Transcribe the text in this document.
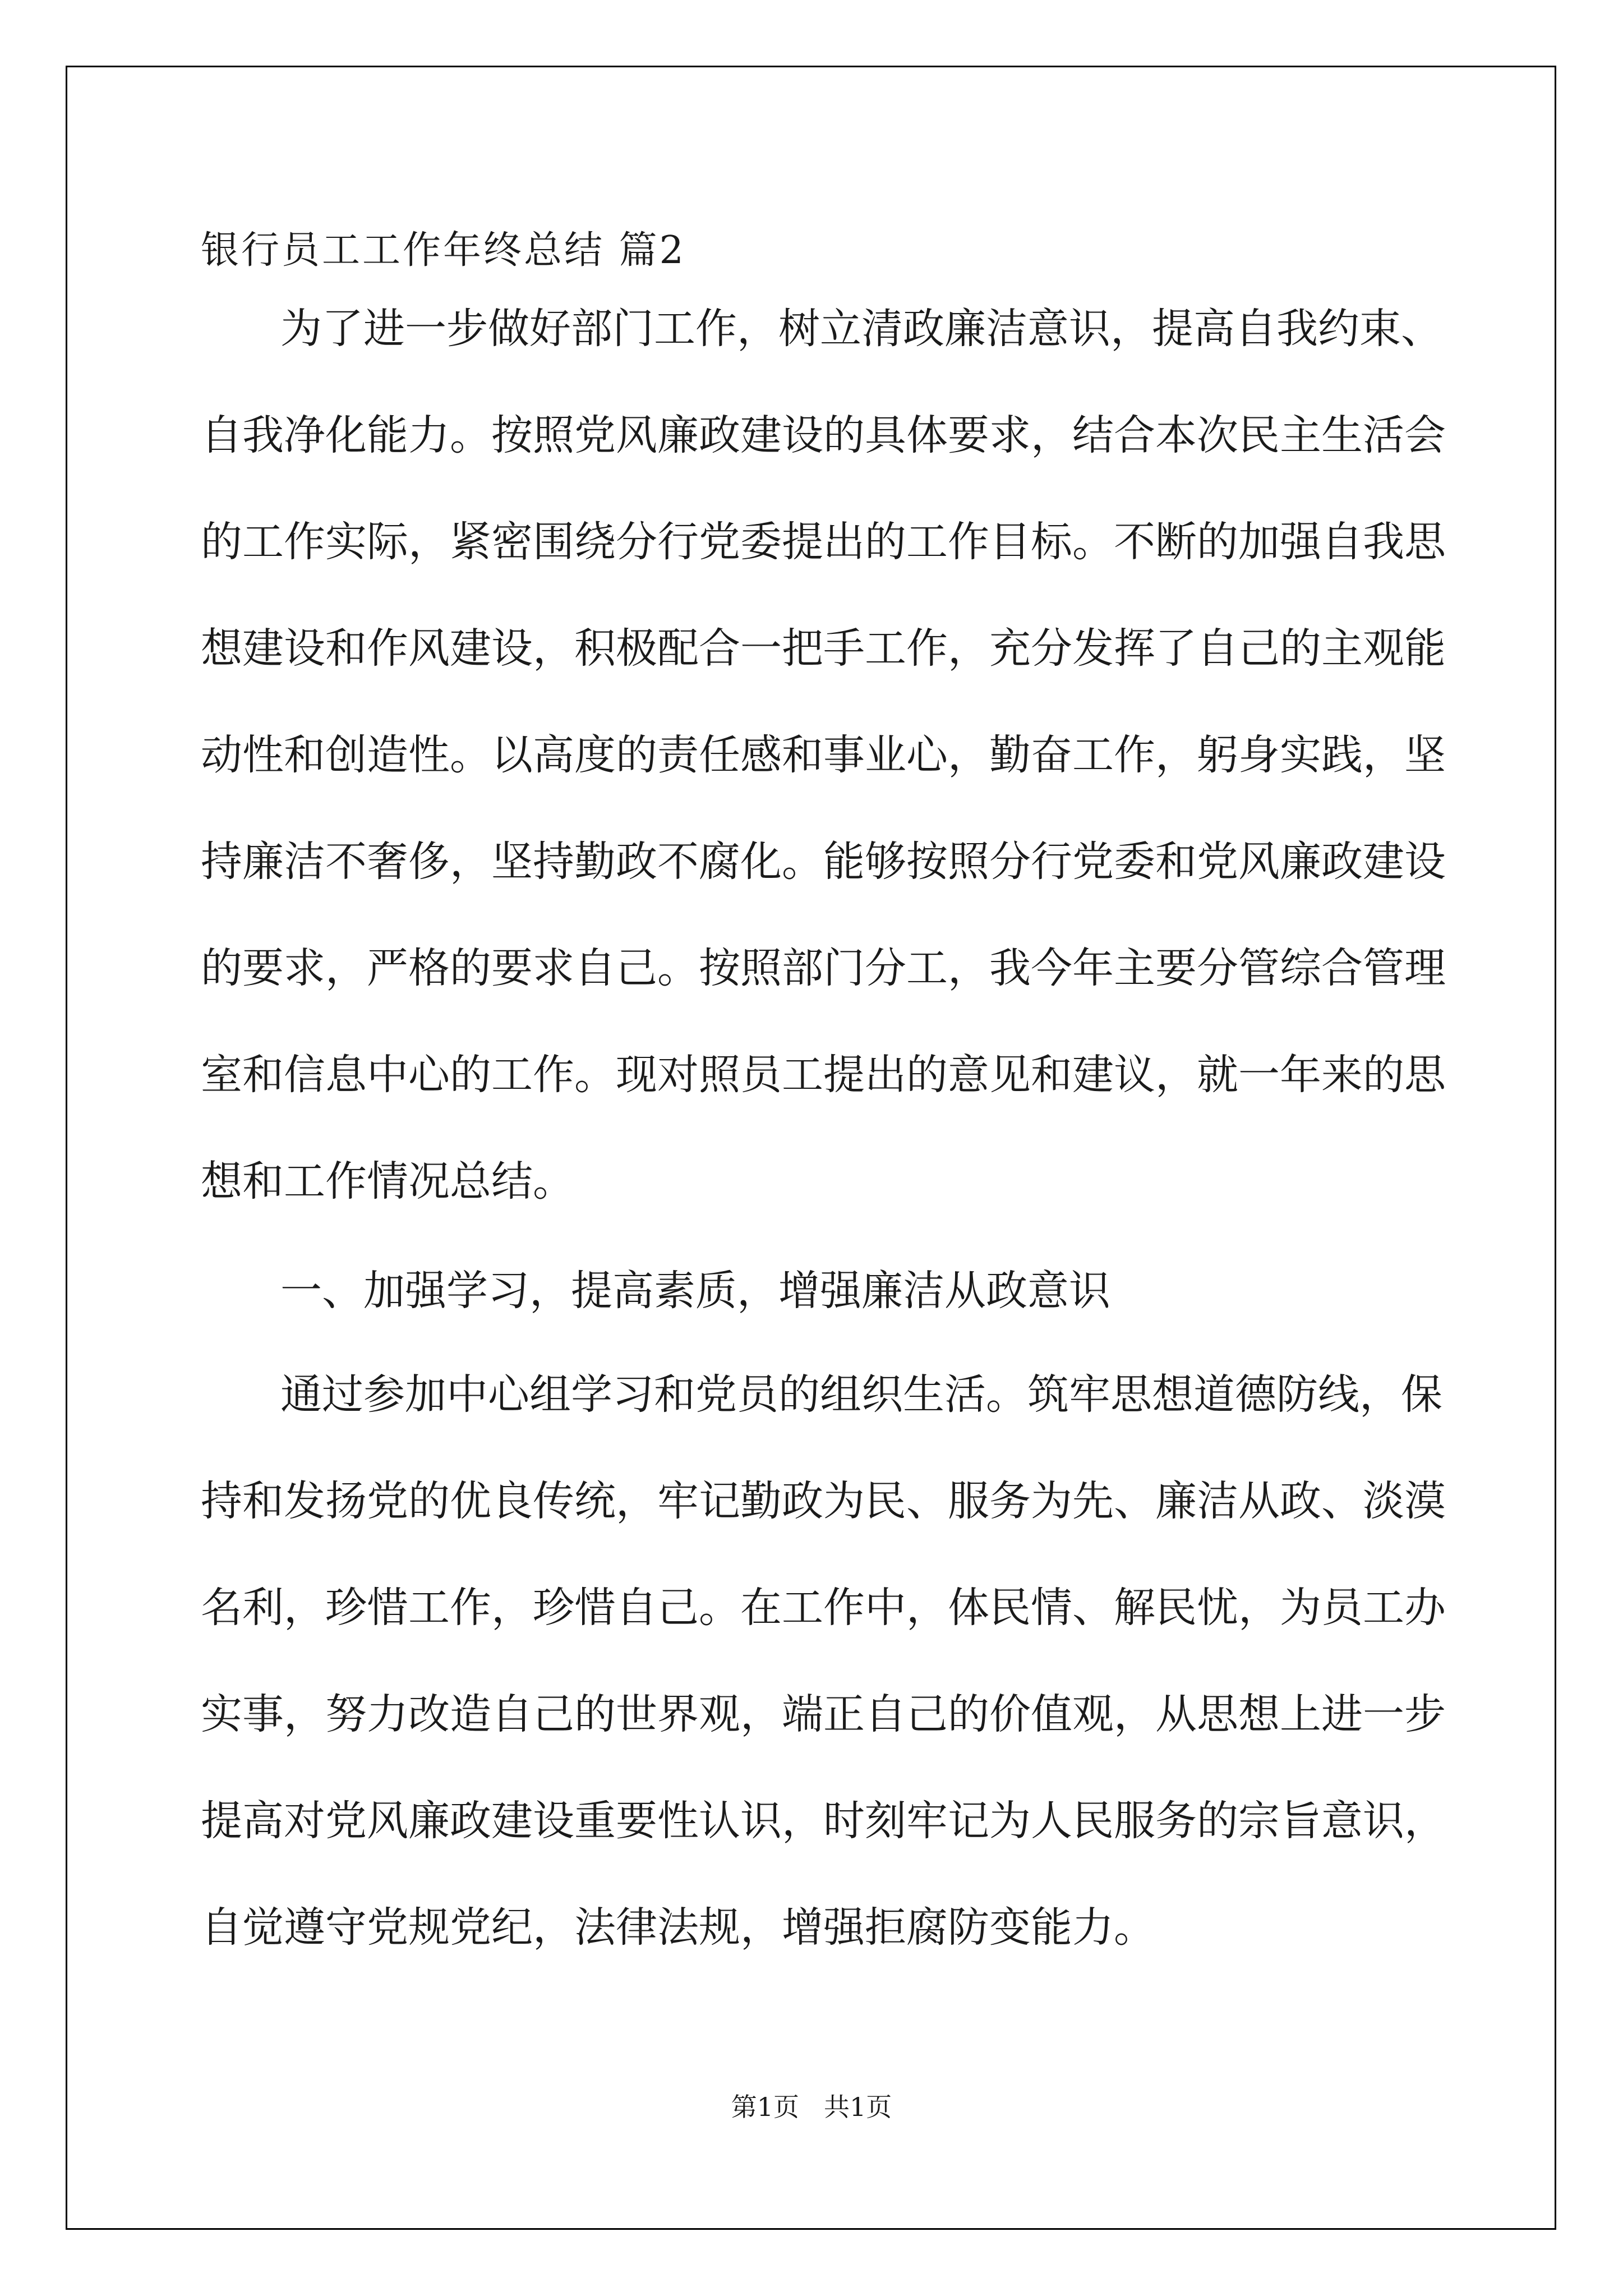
银行员工工作年终总结 篇2

为了进一步做好部门工作，树立清政廉洁意识，提高自我约束、

自我净化能力。按照党风廉政建设的具体要求，结合本次民主生活会

的工作实际，紧密围绕分行党委提出的工作目标。不断的加强自我思

想建设和作风建设，积极配合一把手工作，充分发挥了自己的主观能

动性和创造性。以高度的责任感和事业心，勤奋工作，躬身实践，坚

持廉洁不奢侈，坚持勤政不腐化。能够按照分行党委和党风廉政建设

的要求，严格的要求自己。按照部门分工，我今年主要分管综合管理

室和信息中心的工作。现对照员工提出的意见和建议，就一年来的思

想和工作情况总结。

一、加强学习，提高素质，增强廉洁从政意识

通过参加中心组学习和党员的组织生活。筑牢思想道德防线，保

持和发扬党的优良传统，牢记勤政为民、服务为先、廉洁从政、淡漠

名利，珍惜工作，珍惜自己。在工作中，体民情、解民忧，为员工办

实事，努力改造自己的世界观，端正自己的价值观，从思想上进一步

提高对党风廉政建设重要性认识，时刻牢记为人民服务的宗旨意识，

自觉遵守党规党纪，法律法规，增强拒腐防变能力。

第1页 共1页
